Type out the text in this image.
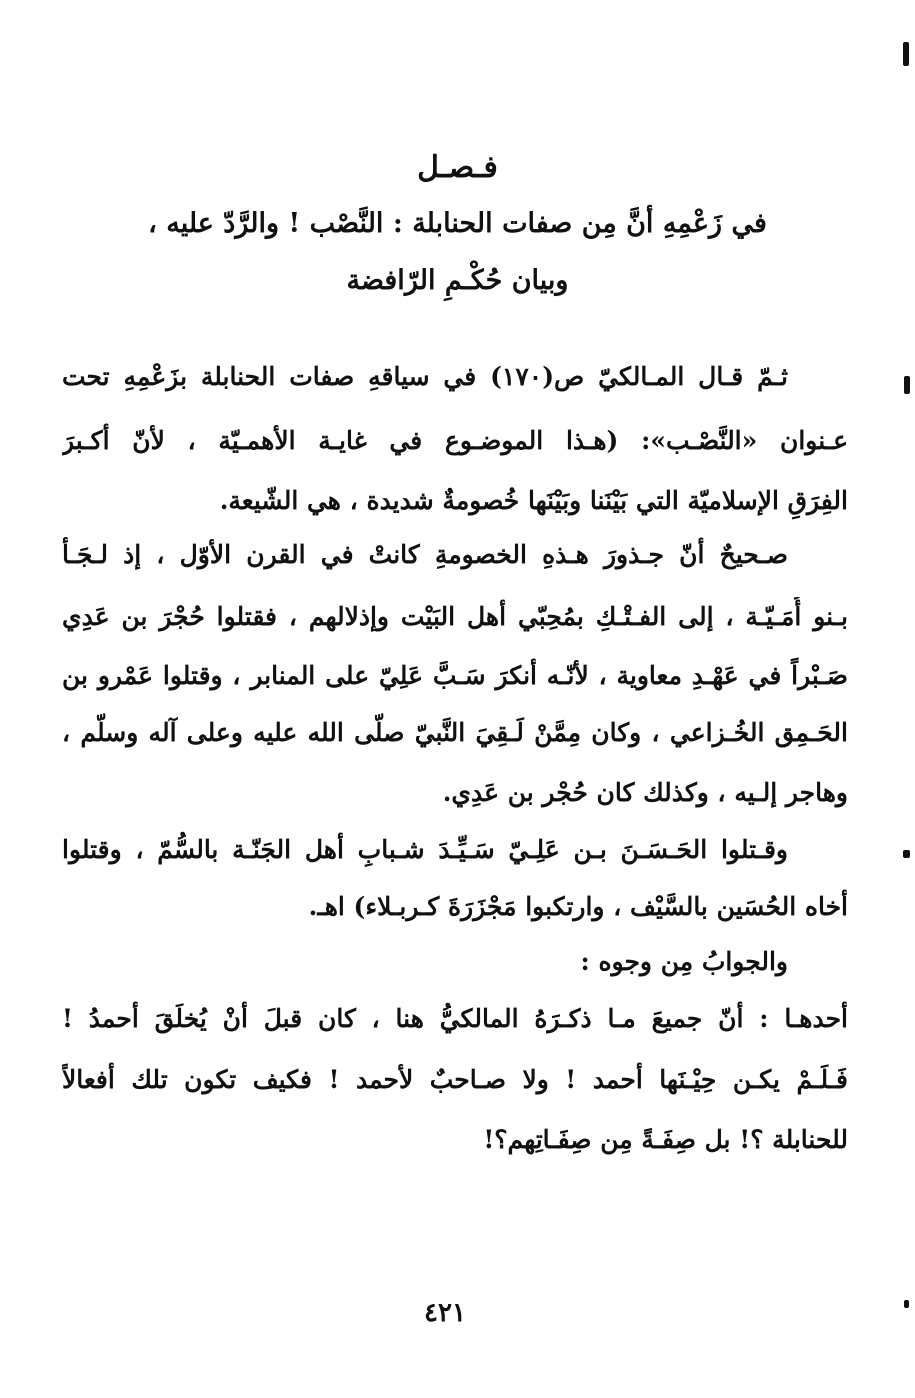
فـصـل
في زَعْمِهِ أنَّ مِن صفات الحنابلة : النَّصْب ! والرَّدّ عليه ،
وبيان حُكْـمِ الرّافضة
ثـمّ قـال المـالكيّ ص(١٧٠) في سياقهِ صفات الحنابلة بزَعْمِهِ تحت
عـنوان «النَّصْـب»: (هـذا الموضـوع في غايـة الأهمـيّة ، لأنّ أكـبرَ
الفِرَقِ الإسلاميّة التي بَيْنَنا وبَيْنَها خُصومةٌ شديدة ، هي الشّيعة.
صـحيحٌ أنّ جـذورَ هـذهِ الخصومةِ كانتْ في القرن الأوّل ، إذ لـجَـأ
بـنو أُمَـيّـة ، إلى الفـتْـكِ بمُحِبّي أهل البَيْت وإذلالهم ، فقتلوا حُجْرَ بن عَدِي
صَـبْراً في عَهْـدِ معاوية ، لأنّـه أنكرَ سَـبَّ عَلِيّ على المنابر ، وقتلوا عَمْرو بن
الحَـمِق الخُـزاعي ، وكان مِمَّنْ لَـقِيَ النَّبيّ صلّى الله عليه وعلى آله وسلّم ،
وهاجر إلـيه ، وكذلك كان حُجْر بن عَدِي.
وقـتلوا الحَـسَـنَ بـن عَلِـيّ سَـيِّـدَ شـبابِ أهل الجَنّـة بالسُّمّ ، وقتلوا
أخاه الحُسَين بالسَّيْف ، وارتكبوا مَجْزَرَةَ كـربـلاء) اهـ.
والجوابُ مِن وجوه :
أحدهـا : أنّ جميعَ مـا ذكـرَهُ المالكيُّ هنا ، كان قبلَ أنْ يُخلَقَ أحمدُ !
فَـلَـمْ يكـن حِيْـنَها أحمد ! ولا صـاحبٌ لأحمد ! فكيف تكون تلك أفعالاً
للحنابلة ؟! بل صِفَـةً مِن صِفَـاتِهم؟!
٤٢١
